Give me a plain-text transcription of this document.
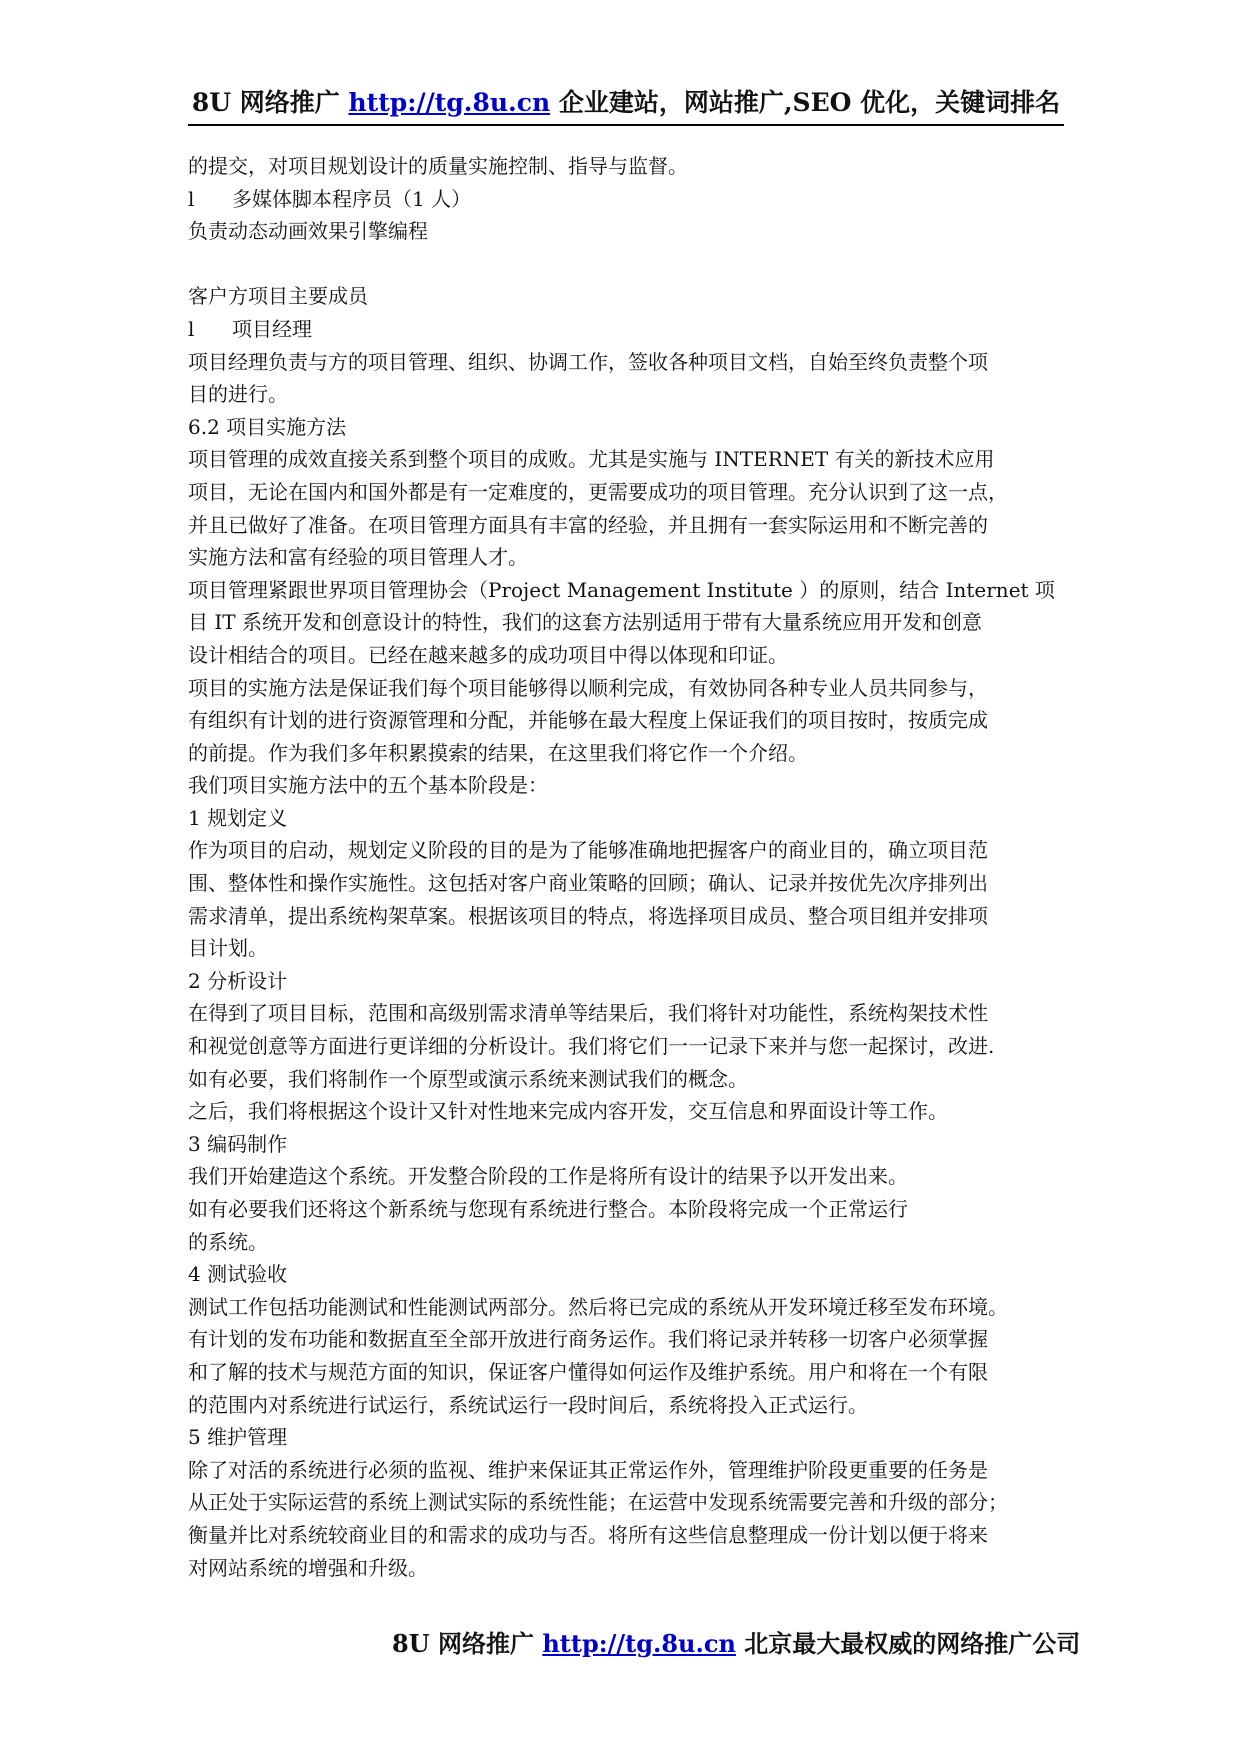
8U 网络推广 http://tg.8u.cn 企业建站，网站推广,SEO 优化，关键词排名
的提交，对项目规划设计的质量实施控制、指导与监督。
l 多媒体脚本程序员（1 人）
负责动态动画效果引擎编程
客户方项目主要成员
l 项目经理
项目经理负责与方的项目管理、组织、协调工作，签收各种项目文档，自始至终负责整个项
目的进行。
6.2 项目实施方法
项目管理的成效直接关系到整个项目的成败。尤其是实施与 INTERNET 有关的新技术应用
项目，无论在国内和国外都是有一定难度的，更需要成功的项目管理。充分认识到了这一点，
并且已做好了准备。在项目管理方面具有丰富的经验，并且拥有一套实际运用和不断完善的
实施方法和富有经验的项目管理人才。
项目管理紧跟世界项目管理协会（Project Management Institute ）的原则，结合 Internet 项
目 IT 系统开发和创意设计的特性，我们的这套方法别适用于带有大量系统应用开发和创意
设计相结合的项目。已经在越来越多的成功项目中得以体现和印证。
项目的实施方法是保证我们每个项目能够得以顺利完成，有效协同各种专业人员共同参与，
有组织有计划的进行资源管理和分配，并能够在最大程度上保证我们的项目按时，按质完成
的前提。作为我们多年积累摸索的结果，在这里我们将它作一个介绍。
我们项目实施方法中的五个基本阶段是：
1 规划定义
作为项目的启动，规划定义阶段的目的是为了能够准确地把握客户的商业目的，确立项目范
围、整体性和操作实施性。这包括对客户商业策略的回顾；确认、记录并按优先次序排列出
需求清单，提出系统构架草案。根据该项目的特点，将选择项目成员、整合项目组并安排项
目计划。
2 分析设计
在得到了项目目标，范围和高级别需求清单等结果后，我们将针对功能性，系统构架技术性
和视觉创意等方面进行更详细的分析设计。我们将它们一一记录下来并与您一起探讨，改进.
如有必要，我们将制作一个原型或演示系统来测试我们的概念。
之后，我们将根据这个设计又针对性地来完成内容开发，交互信息和界面设计等工作。
3 编码制作
我们开始建造这个系统。开发整合阶段的工作是将所有设计的结果予以开发出来。
如有必要我们还将这个新系统与您现有系统进行整合。本阶段将完成一个正常运行
的系统。
4 测试验收
测试工作包括功能测试和性能测试两部分。然后将已完成的系统从开发环境迁移至发布环境。
有计划的发布功能和数据直至全部开放进行商务运作。我们将记录并转移一切客户必须掌握
和了解的技术与规范方面的知识，保证客户懂得如何运作及维护系统。用户和将在一个有限
的范围内对系统进行试运行，系统试运行一段时间后，系统将投入正式运行。
5 维护管理
除了对活的系统进行必须的监视、维护来保证其正常运作外，管理维护阶段更重要的任务是
从正处于实际运营的系统上测试实际的系统性能；在运营中发现系统需要完善和升级的部分；
衡量并比对系统较商业目的和需求的成功与否。将所有这些信息整理成一份计划以便于将来
对网站系统的增强和升级。
8U 网络推广 http://tg.8u.cn 北京最大最权威的网络推广公司
